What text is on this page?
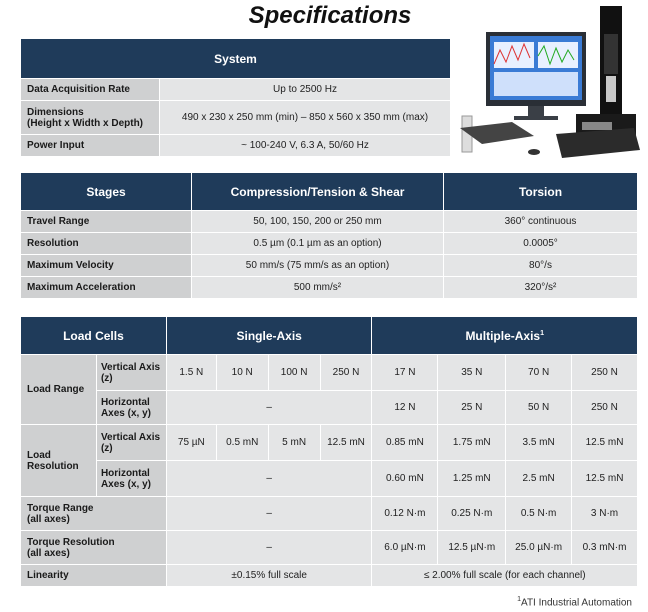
Specifications
System	
Data Acquisition Rate	Up to 2500 Hz
Dimensions
(Height x Width x Depth)	490 x 230 x 250 mm (min) – 850 x 560 x 350 mm (max)
Power Input	~ 100-240 V, 6.3 A, 50/60 Hz
Stages	Compression/Tension & Shear	Torsion
Travel Range	50, 100, 150, 200 or 250 mm	360° continuous
Resolution	0.5 µm (0.1 µm as an option)	0.0005°
Maximum Velocity	50 mm/s (75 mm/s as an option)	80°/s
Maximum Acceleration	500 mm/s²	320°/s²
Load Cells		Single-Axis				Multiple-Axis$^1$
Load Range	Vertical Axis (z)	1.5 N	10 N	100 N	250 N	17 N	35 N	70 N	250 N
	Horizontal Axes (x, y)	–				12 N	25 N	50 N	250 N
Load Resolution	Vertical Axis (z)	75 µN	0.5 mN	5 mN	12.5 mN	0.85 mN	1.75 mN	3.5 mN	12.5 mN
	Horizontal Axes (x, y)	–				0.60 mN	1.25 mN	2.5 mN	12.5 mN
Torque Range
(all axes)		–				0.12 N·m	0.25 N·m	0.5 N·m	3 N·m
Torque Resolution
(all axes)		–				6.0 µN·m	12.5 µN·m	25.0 µN·m	0.3 mN·m
Linearity		±0.15% full scale				≤ 2.00% full scale (for each channel)			
$^1$ATI Industrial Automation
